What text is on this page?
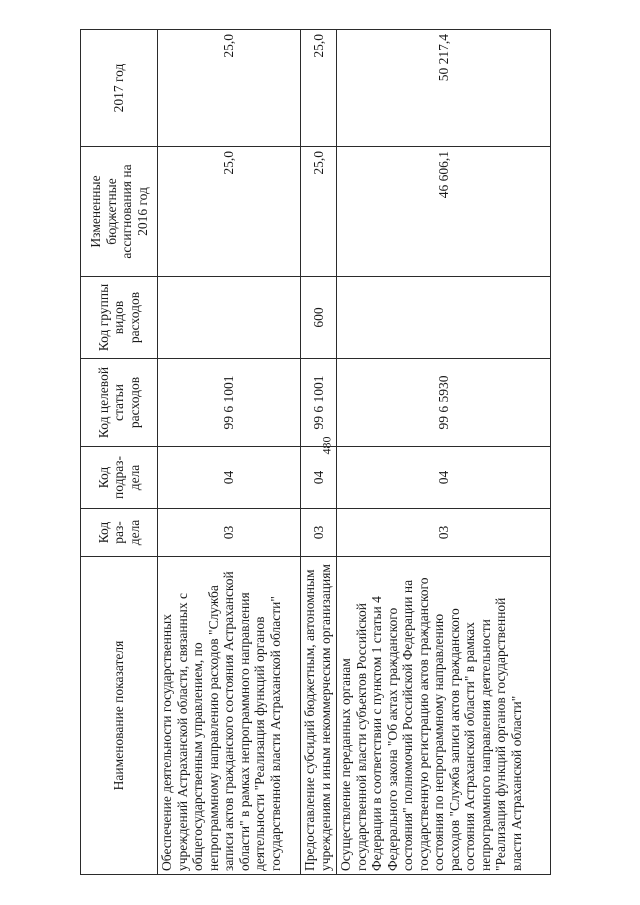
480
Наименование показателя	Код раз-дела	Код подраз-дела	Код целевой статьи расходов	Код группы видов расходов	Измененные бюджетные ассигнования на 2016 год	2017 год
Обеспечение деятельности государственных учреждений Астраханской области, связанных с общегосударственным управлением, по непрограммному направлению расходов "Служба записи актов гражданского состояния Астраханской области" в рамках непрограммного направления деятельности "Реализация функций органов государственной власти Астраханской области"	03	04	99 6 1001		25,0	25,0
Предоставление субсидий бюджетным, автономным учреждениям и иным некоммерческим организациям	03	04	99 6 1001	600	25,0	25,0
Осуществление переданных органам государственной власти субъектов Российской Федерации в соответствии с пунктом 1 статьи 4 Федерального закона "Об актах гражданского состояния" полномочий Российской Федерации на государственную регистрацию актов гражданского состояния по непрограммному направлению расходов "Служба записи актов гражданского состояния Астраханской области" в рамках непрограммного направления деятельности "Реализация функций органов государственной власти Астраханской области"	03	04	99 6 5930		46 606,1	50 217,4
